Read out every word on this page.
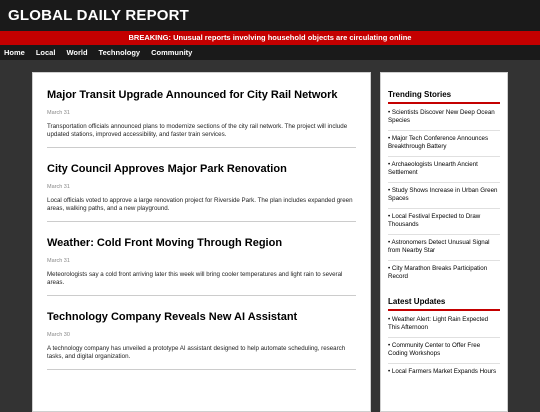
GLOBAL DAILY REPORT
BREAKING: Unusual reports involving household objects are circulating online
Home Local World Technology Community
Major Transit Upgrade Announced for City Rail Network
March 31

Transportation officials announced plans to modernize sections of the city rail network. The project will include updated stations, improved accessibility, and faster train services.

City Council Approves Major Park Renovation
March 31

Local officials voted to approve a large renovation project for Riverside Park. The plan includes expanded green areas, walking paths, and a new playground.

Weather: Cold Front Moving Through Region
March 31

Meteorologists say a cold front arriving later this week will bring cooler temperatures and light rain to several areas.

Technology Company Reveals New AI Assistant
March 30

A technology company has unveiled a prototype AI assistant designed to help automate scheduling, research tasks, and digital organization.

Trending Stories
• Scientists Discover New Deep Ocean Species
• Major Tech Conference Announces Breakthrough Battery
• Archaeologists Unearth Ancient Settlement
• Study Shows Increase in Urban Green Spaces
• Local Festival Expected to Draw Thousands
• Astronomers Detect Unusual Signal from Nearby Star
• City Marathon Breaks Participation Record
Latest Updates
• Weather Alert: Light Rain Expected This Afternoon
• Community Center to Offer Free Coding Workshops
• Local Farmers Market Expands Hours
